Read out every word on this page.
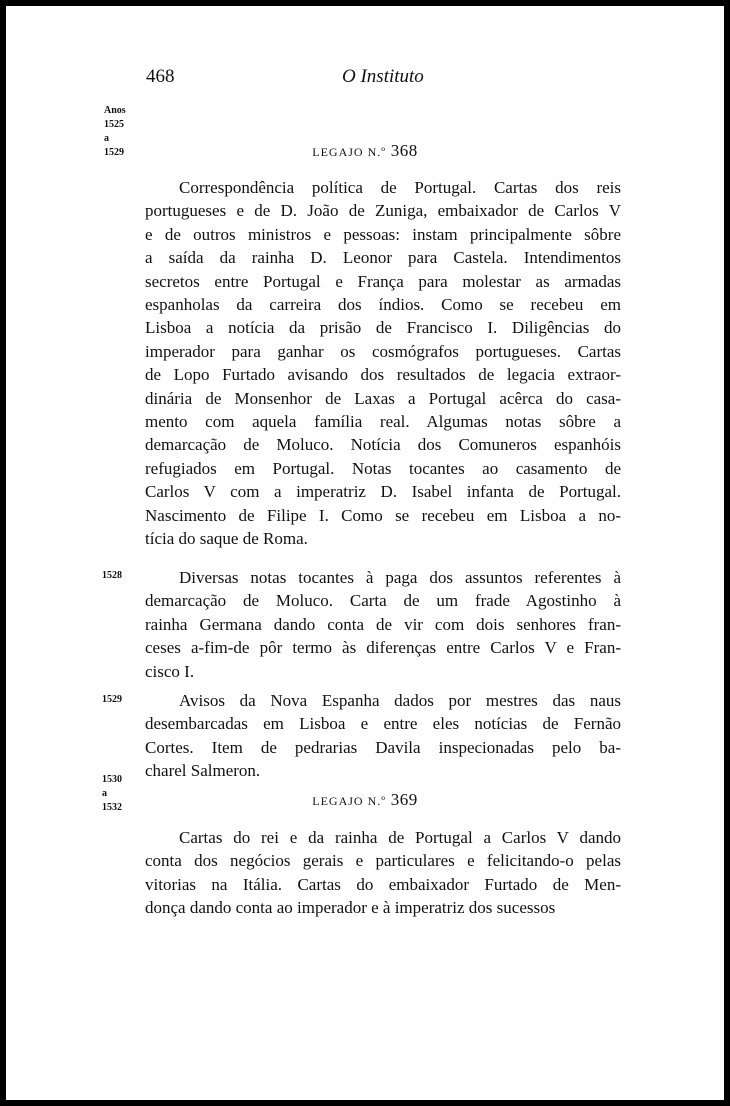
468	O Instituto
Anos
1525
a
1529	LEGAJO N.º 368
Correspondência política de Portugal. Cartas dos reis
portugueses e de D. João de Zuniga, embaixador de Carlos V
e de outros ministros e pessoas: instam principalmente sôbre
a saída da rainha D. Leonor para Castela. Intendimentos
secretos entre Portugal e França para molestar as armadas
espanholas da carreira dos índios. Como se recebeu em
Lisboa a notícia da prisão de Francisco I. Diligências do
imperador para ganhar os cosmógrafos portugueses. Cartas
de Lopo Furtado avisando dos resultados de legacia extraor-
dinária de Monsenhor de Laxas a Portugal acêrca do casa-
mento com aquela família real. Algumas notas sôbre a
demarcação de Moluco. Notícia dos Comuneros espanhóis
refugiados em Portugal. Notas tocantes ao casamento de
Carlos V com a imperatriz D. Isabel infanta de Portugal.
Nascimento de Filipe I. Como se recebeu em Lisboa a no-
tícia do saque de Roma.
1528	Diversas notas tocantes à paga dos assuntos referentes à
demarcação de Moluco. Carta de um frade Agostinho à
rainha Germana dando conta de vir com dois senhores fran-
ceses a-fim-de pôr termo às diferenças entre Carlos V e Fran-
cisco I.
1529	Avisos da Nova Espanha dados por mestres das naus
desembarcadas em Lisboa e entre eles notícias de Fernão
Cortes. Item de pedrarias Davila inspecionadas pelo ba-
charel Salmeron.
1530
a
1532	LEGAJO N.º 369
Cartas do rei e da rainha de Portugal a Carlos V dando
conta dos negócios gerais e particulares e felicitando-o pelas
vitorias na Itália. Cartas do embaixador Furtado de Men-
donça dando conta ao imperador e à imperatriz dos sucessos
